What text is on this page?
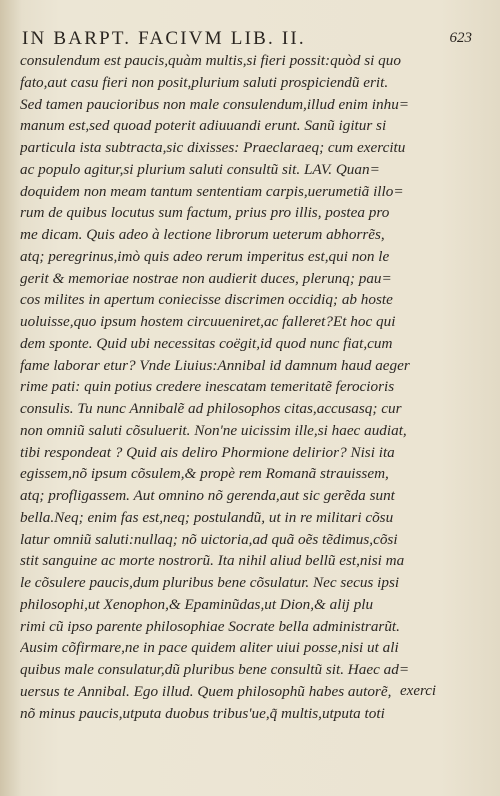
IN BARPT. FACIVM LIB. II.	623
consulendum est paucis,quàm multis,si fieri possit:quòd si quo
fato,aut casu fieri non posit,plurium saluti prospiciendũ erit.
Sed tamen paucioribus non male consulendum,illud enim inhu=
manum est,sed quoad poterit adiuuandi erunt. Sanũ igitur si
particula ista subtracta,sic dixisses: Praeclaraeq; cum exercitu
ac populo agitur,si plurium saluti consultũ sit. LAV. Quan=
doquidem non meam tantum sententiam carpis,uerumetiã illo=
rum de quibus locutus sum factum, prius pro illis, postea pro
me dicam. Quis adeo à lectione librorum ueterum abhorrẽs,
atq; peregrinus,imò quis adeo rerum imperitus est,qui non le
gerit & memoriae nostrae non audierit duces, plerunq; pau=
cos milites in apertum coniecisse discrimen occidiq; ab hoste
uoluisse,quo ipsum hostem circuueniret,ac falleret?Et hoc qui
dem sponte. Quid ubi necessitas coëgit,id quod nunc fiat,cum
fame laborar etur? Vnde Liuius:Annibal id damnum haud aeger
rime pati: quin potius credere inescatam temeritatẽ ferocioris
consulis. Tu nunc Annibalẽ ad philosophos citas,accusasq; cur
non omniũ saluti cõsuluerit. Non'ne uicissim ille,si haec audiat,
tibi respondeat ? Quid ais deliro Phormione delirior? Nisi ita
egissem,nõ ipsum cõsulem,& propè rem Romanã strauissem,
atq; profligassem. Aut omnino nõ gerenda,aut sic gerẽda sunt
bella.Neq; enim fas est,neq; postulandũ, ut in re militari cõsu
latur omniũ saluti:nullaq; nõ uictoria,ad quã oẽs tẽdimus,cõsi
stit sanguine ac morte nostrorũ. Ita nihil aliud bellũ est,nisi ma
le cõsulere paucis,dum pluribus bene cõsulatur. Nec secus ipsi
philosophi,ut Xenophon,& Epaminũdas,ut Dion,& alij plu
rimi cũ ipso parente philosophiae Socrate bella administrarũt.
Ausim cõfirmare,ne in pace quidem aliter uiui posse,nisi ut ali
quibus male consulatur,dũ pluribus bene consultũ sit. Haec ad=
uersus te Annibal. Ego illud. Quem philosophũ habes autorẽ,
nõ minus paucis,utputa duobus tribus'ue,q̃ multis,utputa toti
exerci
